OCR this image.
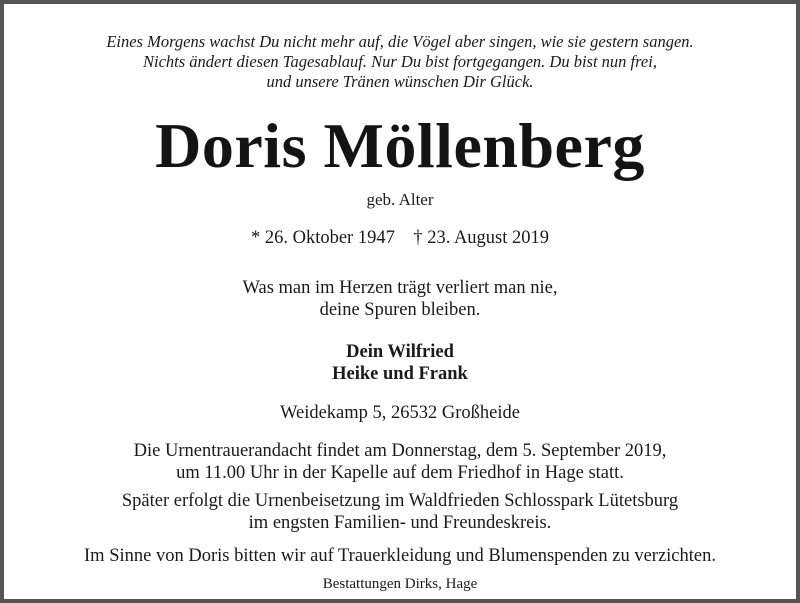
Eines Morgens wachst Du nicht mehr auf, die Vögel aber singen, wie sie gestern sangen.
Nichts ändert diesen Tagesablauf. Nur Du bist fortgegangen. Du bist nun frei,
und unsere Tränen wünschen Dir Glück.
Doris Möllenberg
geb. Alter
* 26. Oktober 1947 † 23. August 2019
Was man im Herzen trägt verliert man nie,
deine Spuren bleiben.
Dein Wilfried
Heike und Frank
Weidekamp 5, 26532 Großheide
Die Urnentrauerandacht findet am Donnerstag, dem 5. September 2019,
um 11.00 Uhr in der Kapelle auf dem Friedhof in Hage statt.
Später erfolgt die Urnenbeisetzung im Waldfrieden Schlosspark Lütetsburg
im engsten Familien- und Freundeskreis.
Im Sinne von Doris bitten wir auf Trauerkleidung und Blumenspenden zu verzichten.
Bestattungen Dirks, Hage
